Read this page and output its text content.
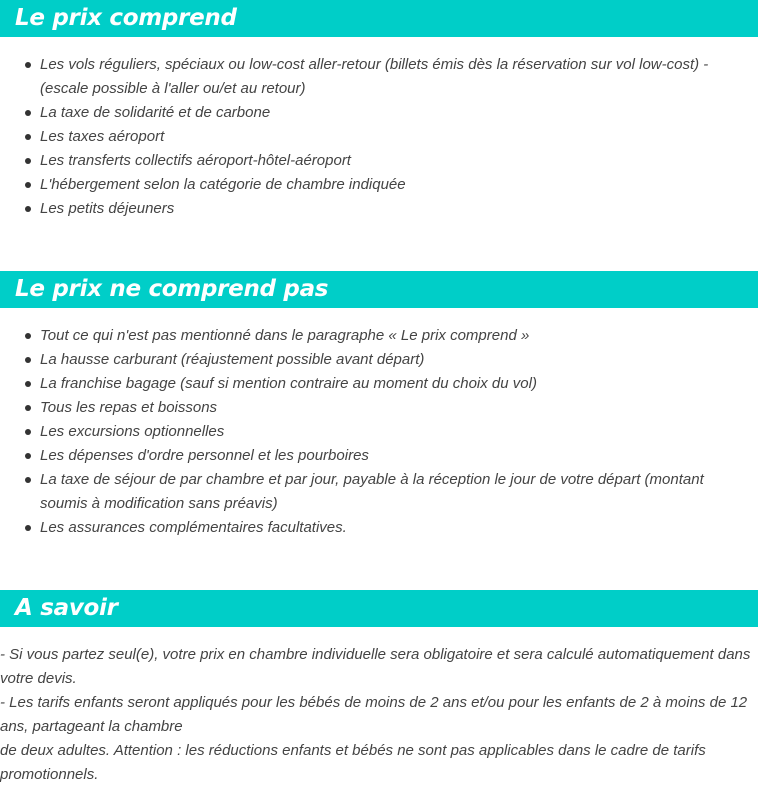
Le prix comprend
Les vols réguliers, spéciaux ou low-cost aller-retour (billets émis dès la réservation sur vol low-cost) - (escale possible à l'aller ou/et au retour)
La taxe de solidarité et de carbone
Les taxes aéroport
Les transferts collectifs aéroport-hôtel-aéroport
L'hébergement selon la catégorie de chambre indiquée
Les petits déjeuners
Le prix ne comprend pas
Tout ce qui n'est pas mentionné dans le paragraphe « Le prix comprend »
La hausse carburant (réajustement possible avant départ)
La franchise bagage (sauf si mention contraire au moment du choix du vol)
Tous les repas et boissons
Les excursions optionnelles
Les dépenses d'ordre personnel et les pourboires
La taxe de séjour de par chambre et par jour, payable à la réception le jour de votre départ (montant soumis à modification sans préavis)
Les assurances complémentaires facultatives.
A savoir

- Si vous partez seul(e), votre prix en chambre individuelle sera obligatoire et sera calculé automatiquement dans votre devis.

- Les tarifs enfants seront appliqués pour les bébés de moins de 2 ans et/ou pour les enfants de 2 à moins de 12 ans, partageant la chambre

de deux adultes. Attention : les réductions enfants et bébés ne sont pas applicables dans le cadre de tarifs promotionnels.
